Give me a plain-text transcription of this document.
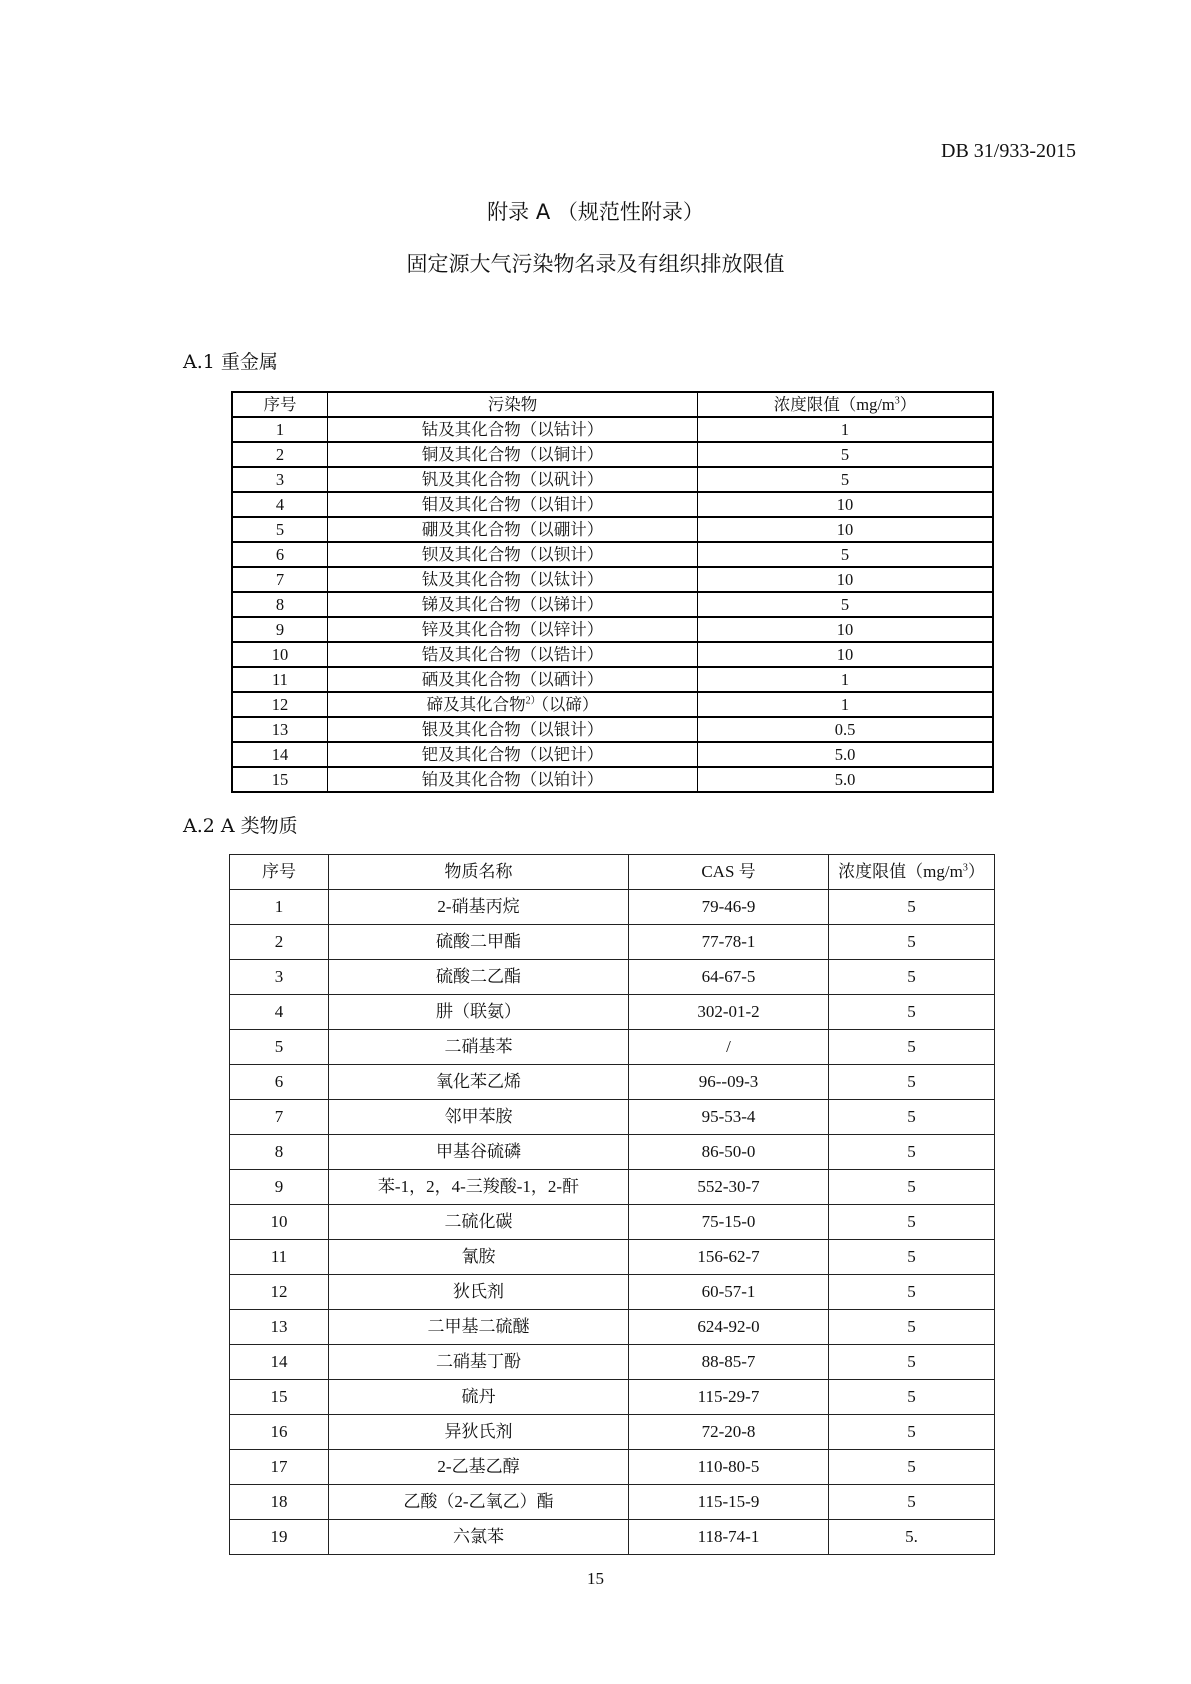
DB 31/933-2015
附录 A （规范性附录）
固定源大气污染物名录及有组织排放限值
A.1 重金属
序号	污染物	浓度限值$(mg/m^3)$
1	钴及其化合物（以钴计）	1
2	铜及其化合物（以铜计）	5
3	钒及其化合物（以矾计）	5
4	钼及其化合物（以钼计）	10
5	硼及其化合物（以硼计）	10
6	钡及其化合物（以钡计）	5
7	钛及其化合物（以钛计）	10
8	锑及其化合物（以锑计）	5
9	锌及其化合物（以锌计）	10
10	锆及其化合物（以锆计）	10
11	硒及其化合物（以硒计）	1
12	碲及其化合物$^{2)}$（以碲）	1
13	银及其化合物（以银计）	0.5
14	钯及其化合物（以钯计）	5.0
15	铂及其化合物（以铂计）	5.0
A.2 A 类物质
序号	物质名称	CAS 号	浓度限值$(mg/m^3)$
1	2-硝基丙烷	79-46-9	5
2	硫酸二甲酯	77-78-1	5
3	硫酸二乙酯	64-67-5	5
4	肼（联氨）	302-01-2	5
5	二硝基苯	/	5
6	氧化苯乙烯	96--09-3	5
7	邻甲苯胺	95-53-4	5
8	甲基谷硫磷	86-50-0	5
9	苯-1，2，4-三羧酸-1，2-酐	552-30-7	5
10	二硫化碳	75-15-0	5
11	氰胺	156-62-7	5
12	狄氏剂	60-57-1	5
13	二甲基二硫醚	624-92-0	5
14	二硝基丁酚	88-85-7	5
15	硫丹	115-29-7	5
16	异狄氏剂	72-20-8	5
17	2-乙基乙醇	110-80-5	5
18	乙酸（2-乙氧乙）酯	115-15-9	5
19	六氯苯	118-74-1	5.
15
